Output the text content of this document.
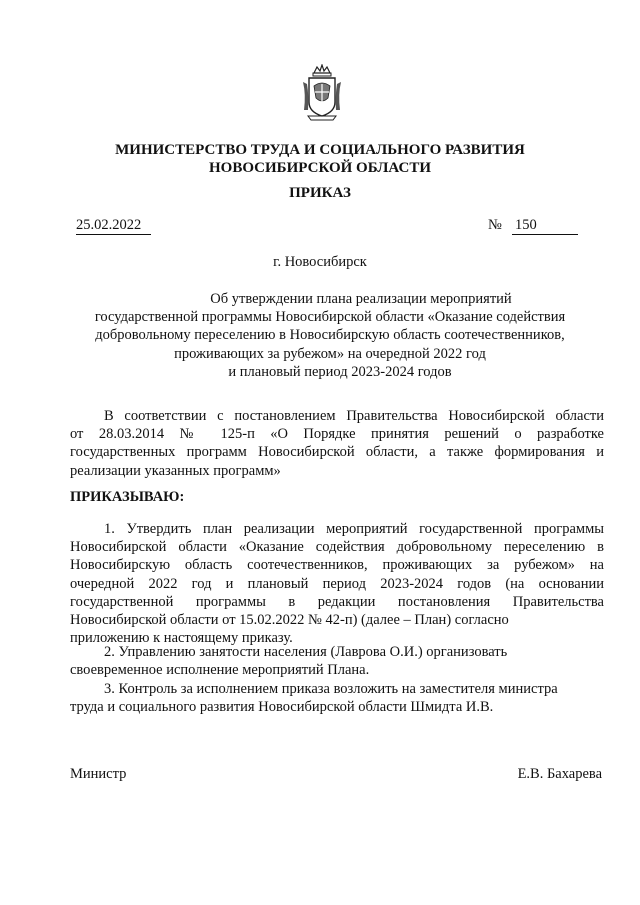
МИНИСТЕРСТВО ТРУДА И СОЦИАЛЬНОГО РАЗВИТИЯ
НОВОСИБИРСКОЙ ОБЛАСТИ
ПРИКАЗ
25.02.2022	№ 150
г. Новосибирск
Об утверждении плана реализации мероприятий
государственной программы Новосибирской области «Оказание содействия
добровольному переселению в Новосибирскую область соотечественников,
проживающих за рубежом» на очередной 2022 год
и плановый период 2023-2024 годов
В соответствии с постановлением Правительства Новосибирской области
от 28.03.2014 № 125-п «О Порядке принятия решений о разработке
государственных программ Новосибирской области, а также формирования и
реализации указанных программ»
ПРИКАЗЫВАЮ:
1. Утвердить план реализации мероприятий государственной программы Новосибирской области «Оказание содействия добровольному переселению в Новосибирскую область соотечественников, проживающих за рубежом» на очередной 2022 год и плановый период 2023-2024 годов (на основании государственной программы в редакции постановления Правительства Новосибирской области от 15.02.2022 № 42-п) (далее – План) согласно
приложению к настоящему приказу.
2. Управлению занятости населения (Лаврова О.И.) организовать
своевременное исполнение мероприятий Плана.
3. Контроль за исполнением приказа возложить на заместителя министра
труда и социального развития Новосибирской области Шмидта И.В.
Министр	Е.В. Бахарева
